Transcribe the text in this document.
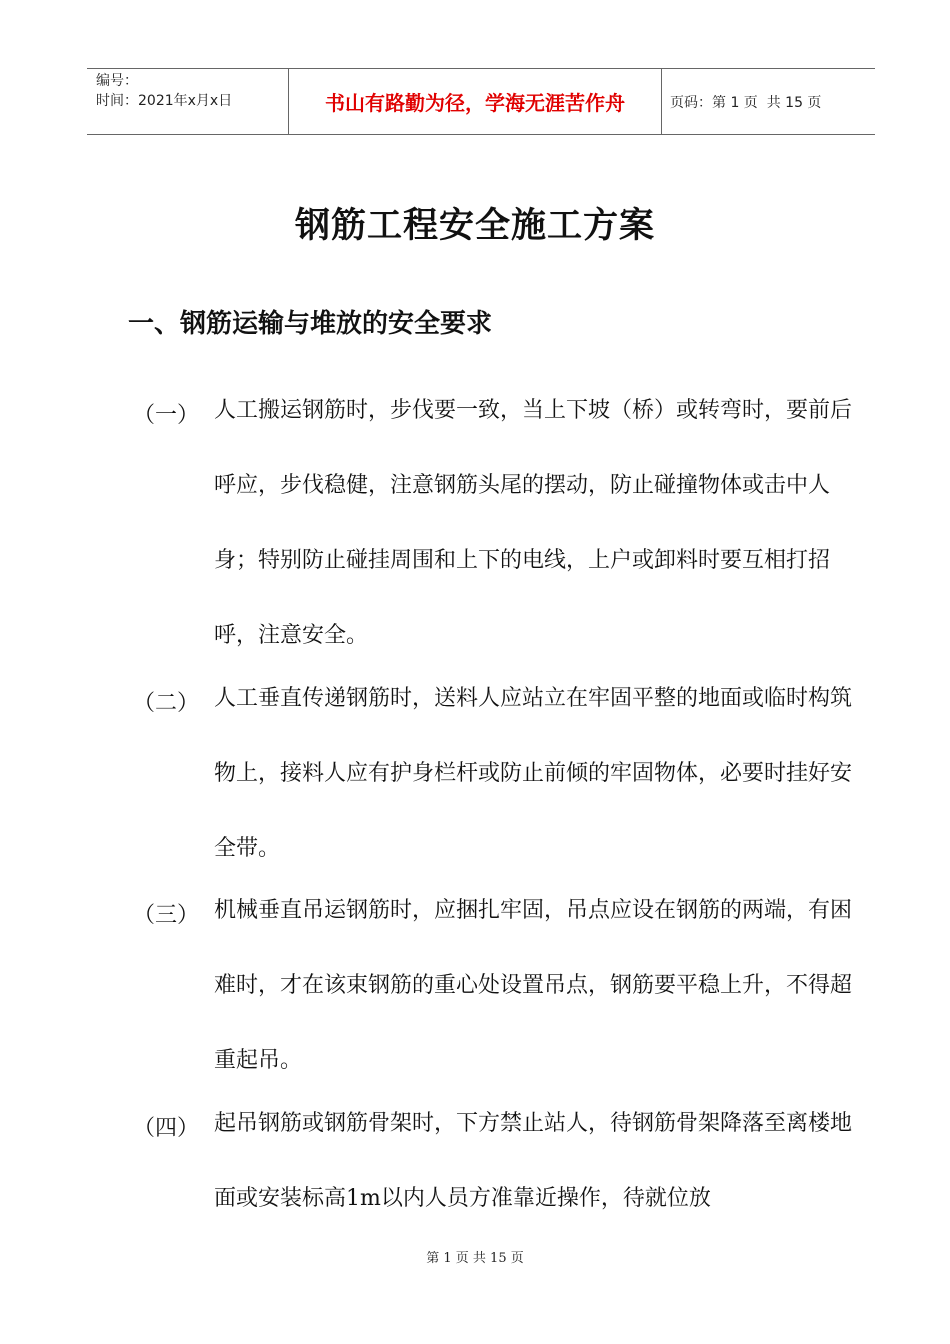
编号：
时间：2021年x月x日	书山有路勤为径，学海无涯苦作舟	页码：第 1 页  共 15 页
钢筋工程安全施工方案
一、钢筋运输与堆放的安全要求
（一） 人工搬运钢筋时，步伐要一致，当上下坡（桥）或转弯时，要前后呼应，步伐稳健，注意钢筋头尾的摆动，防止碰撞物体或击中人身；特别防止碰挂周围和上下的电线，上户或卸料时要互相打招呼，注意安全。
（二） 人工垂直传递钢筋时，送料人应站立在牢固平整的地面或临时构筑物上，接料人应有护身栏杆或防止前倾的牢固物体，必要时挂好安全带。
（三） 机械垂直吊运钢筋时，应捆扎牢固，吊点应设在钢筋的两端，有困难时，才在该束钢筋的重心处设置吊点，钢筋要平稳上升，不得超重起吊。
（四） 起吊钢筋或钢筋骨架时，下方禁止站人，待钢筋骨架降落至离楼地面或安装标高1m以内人员方准靠近操作，待就位放
第 1 页 共 15 页
